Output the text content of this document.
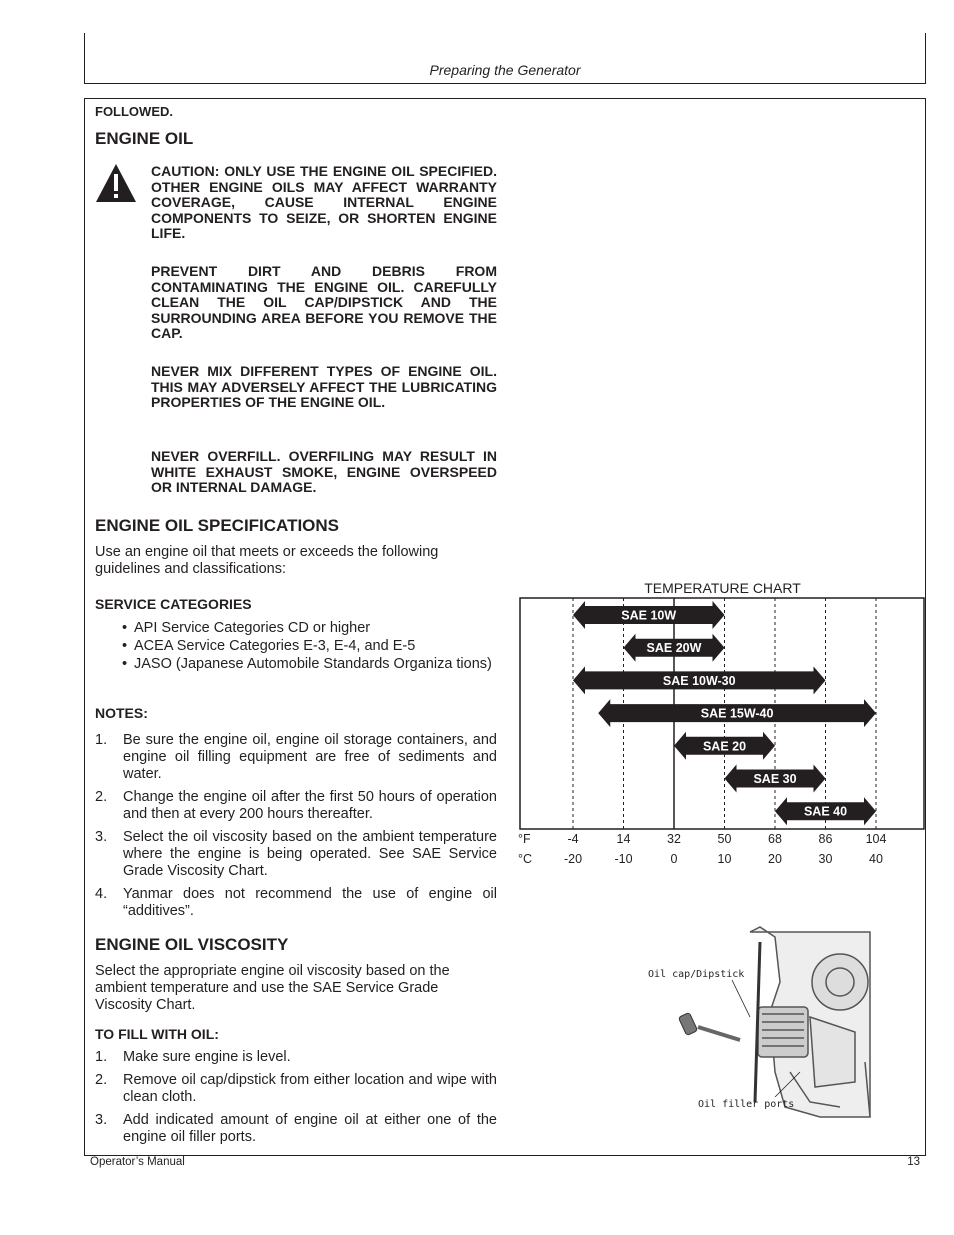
Preparing the Generator
FOLLOWED.
ENGINE OIL
CAUTION: ONLY USE THE ENGINE OIL SPECIFIED. OTHER ENGINE OILS MAY AFFECT WARRANTY COVERAGE, CAUSE INTERNAL ENGINE COMPONENTS TO SEIZE, OR SHORTEN ENGINE LIFE.
PREVENT DIRT AND DEBRIS FROM CONTAMINATING THE ENGINE OIL. CAREFULLY CLEAN THE OIL CAP/DIPSTICK AND THE SURROUNDING AREA BEFORE YOU REMOVE THE CAP.
NEVER MIX DIFFERENT TYPES OF ENGINE OIL. THIS MAY ADVERSELY AFFECT THE LUBRICATING PROPERTIES OF THE ENGINE OIL.
NEVER OVERFILL. OVERFILING MAY RESULT IN WHITE EXHAUST SMOKE, ENGINE OVERSPEED OR INTERNAL DAMAGE.
ENGINE OIL SPECIFICATIONS
Use an engine oil that meets or exceeds the following guidelines and classifications:
SERVICE CATEGORIES
• API Service Categories CD or higher
• ACEA Service Categories E-3, E-4, and E-5
• JASO (Japanese Automobile Standards Organiza tions)
NOTES:
1. Be sure the engine oil, engine oil storage containers, and engine oil filling equipment are free of sediments and water.
2. Change the engine oil after the first 50 hours of operation and then at every 200 hours thereafter.
3. Select the oil viscosity based on the ambient temperature where the engine is being operated. See SAE Service Grade Viscosity Chart.
4. Yanmar does not recommend the use of engine oil “additives”.
ENGINE OIL VISCOSITY
Select the appropriate engine oil viscosity based on the ambient temperature and use the SAE Service Grade Viscosity Chart.
TO FILL WITH OIL:
1. Make sure engine is level.
2. Remove oil cap/dipstick from either location and wipe with clean cloth.
3. Add indicated amount of engine oil at either one of the engine oil filler ports.
TEMPERATURE CHART
-4
-20
14
-10
32
0
50
10
68
20
86
30
104
40
°F
°C
SAE 10W
SAE 20W
SAE 10W-30
SAE 15W-40
SAE 20
SAE 30
SAE 40
Oil cap/Dipstick
Oil filler ports
Operator’s Manual	13
